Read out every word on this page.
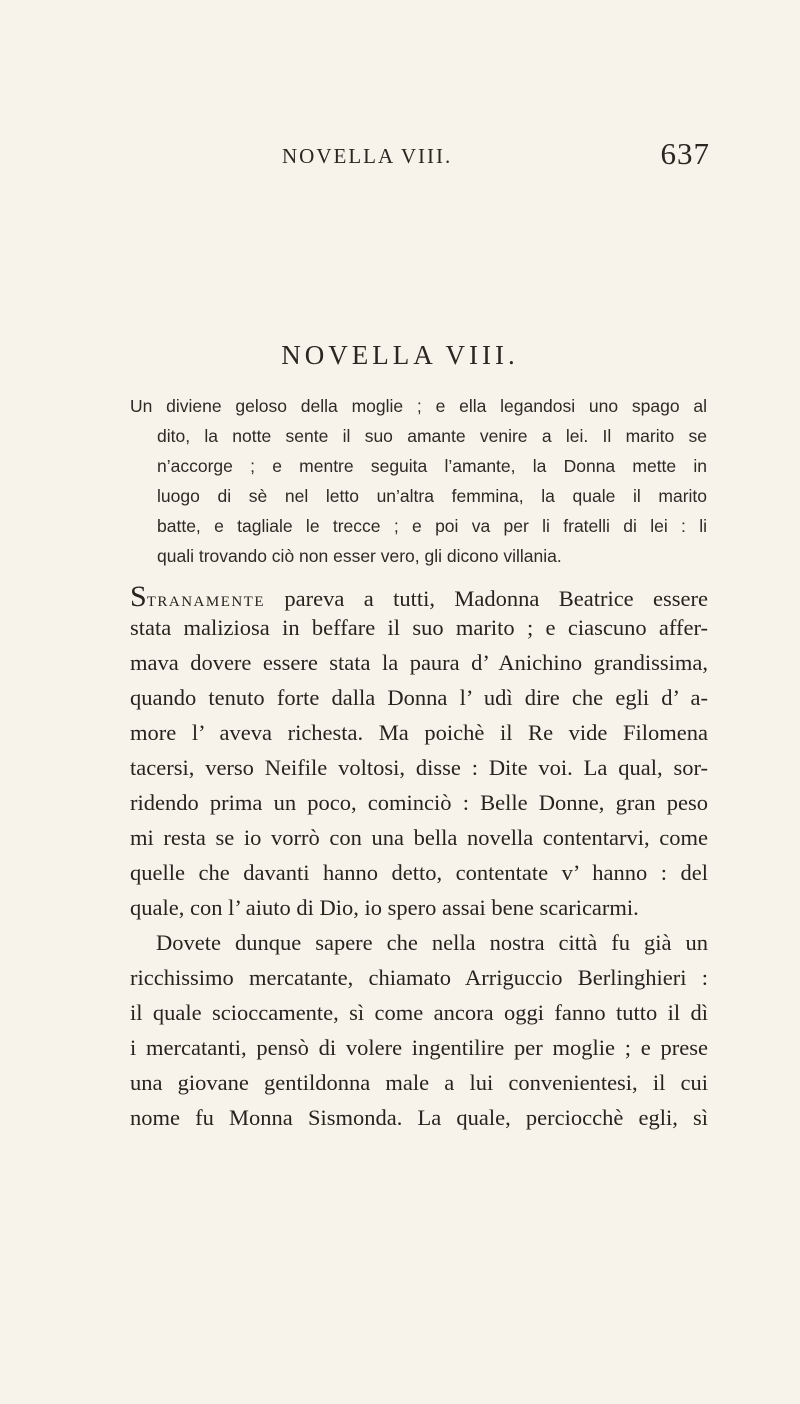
NOVELLA VIII.	637
NOVELLA VIII.
Un diviene geloso della moglie ; e ella legandosi uno spago al
dito, la notte sente il suo amante venire a lei. Il marito se
n’accorge ; e mentre seguita l’amante, la Donna mette in
luogo di sè nel letto un’altra femmina, la quale il marito
batte, e tagliale le trecce ; e poi va per li fratelli di lei : li
quali trovando ciò non esser vero, gli dicono villania.
Stranamente pareva a tutti, Madonna Beatrice essere
stata maliziosa in beffare il suo marito ; e ciascuno affer-
mava dovere essere stata la paura d’ Anichino grandissima,
quando tenuto forte dalla Donna l’ udì dire che egli d’ a-
more l’ aveva richesta. Ma poichè il Re vide Filomena
tacersi, verso Neifile voltosi, disse : Dite voi. La qual, sor-
ridendo prima un poco, cominciò : Belle Donne, gran peso
mi resta se io vorrò con una bella novella contentarvi, come
quelle che davanti hanno detto, contentate v’ hanno : del
quale, con l’ aiuto di Dio, io spero assai bene scaricarmi.
Dovete dunque sapere che nella nostra città fu già un
ricchissimo mercatante, chiamato Arriguccio Berlinghieri :
il quale scioccamente, sì come ancora oggi fanno tutto il dì
i mercatanti, pensò di volere ingentilire per moglie ; e prese
una giovane gentildonna male a lui convenientesi, il cui
nome fu Monna Sismonda. La quale, perciocchè egli, sì
